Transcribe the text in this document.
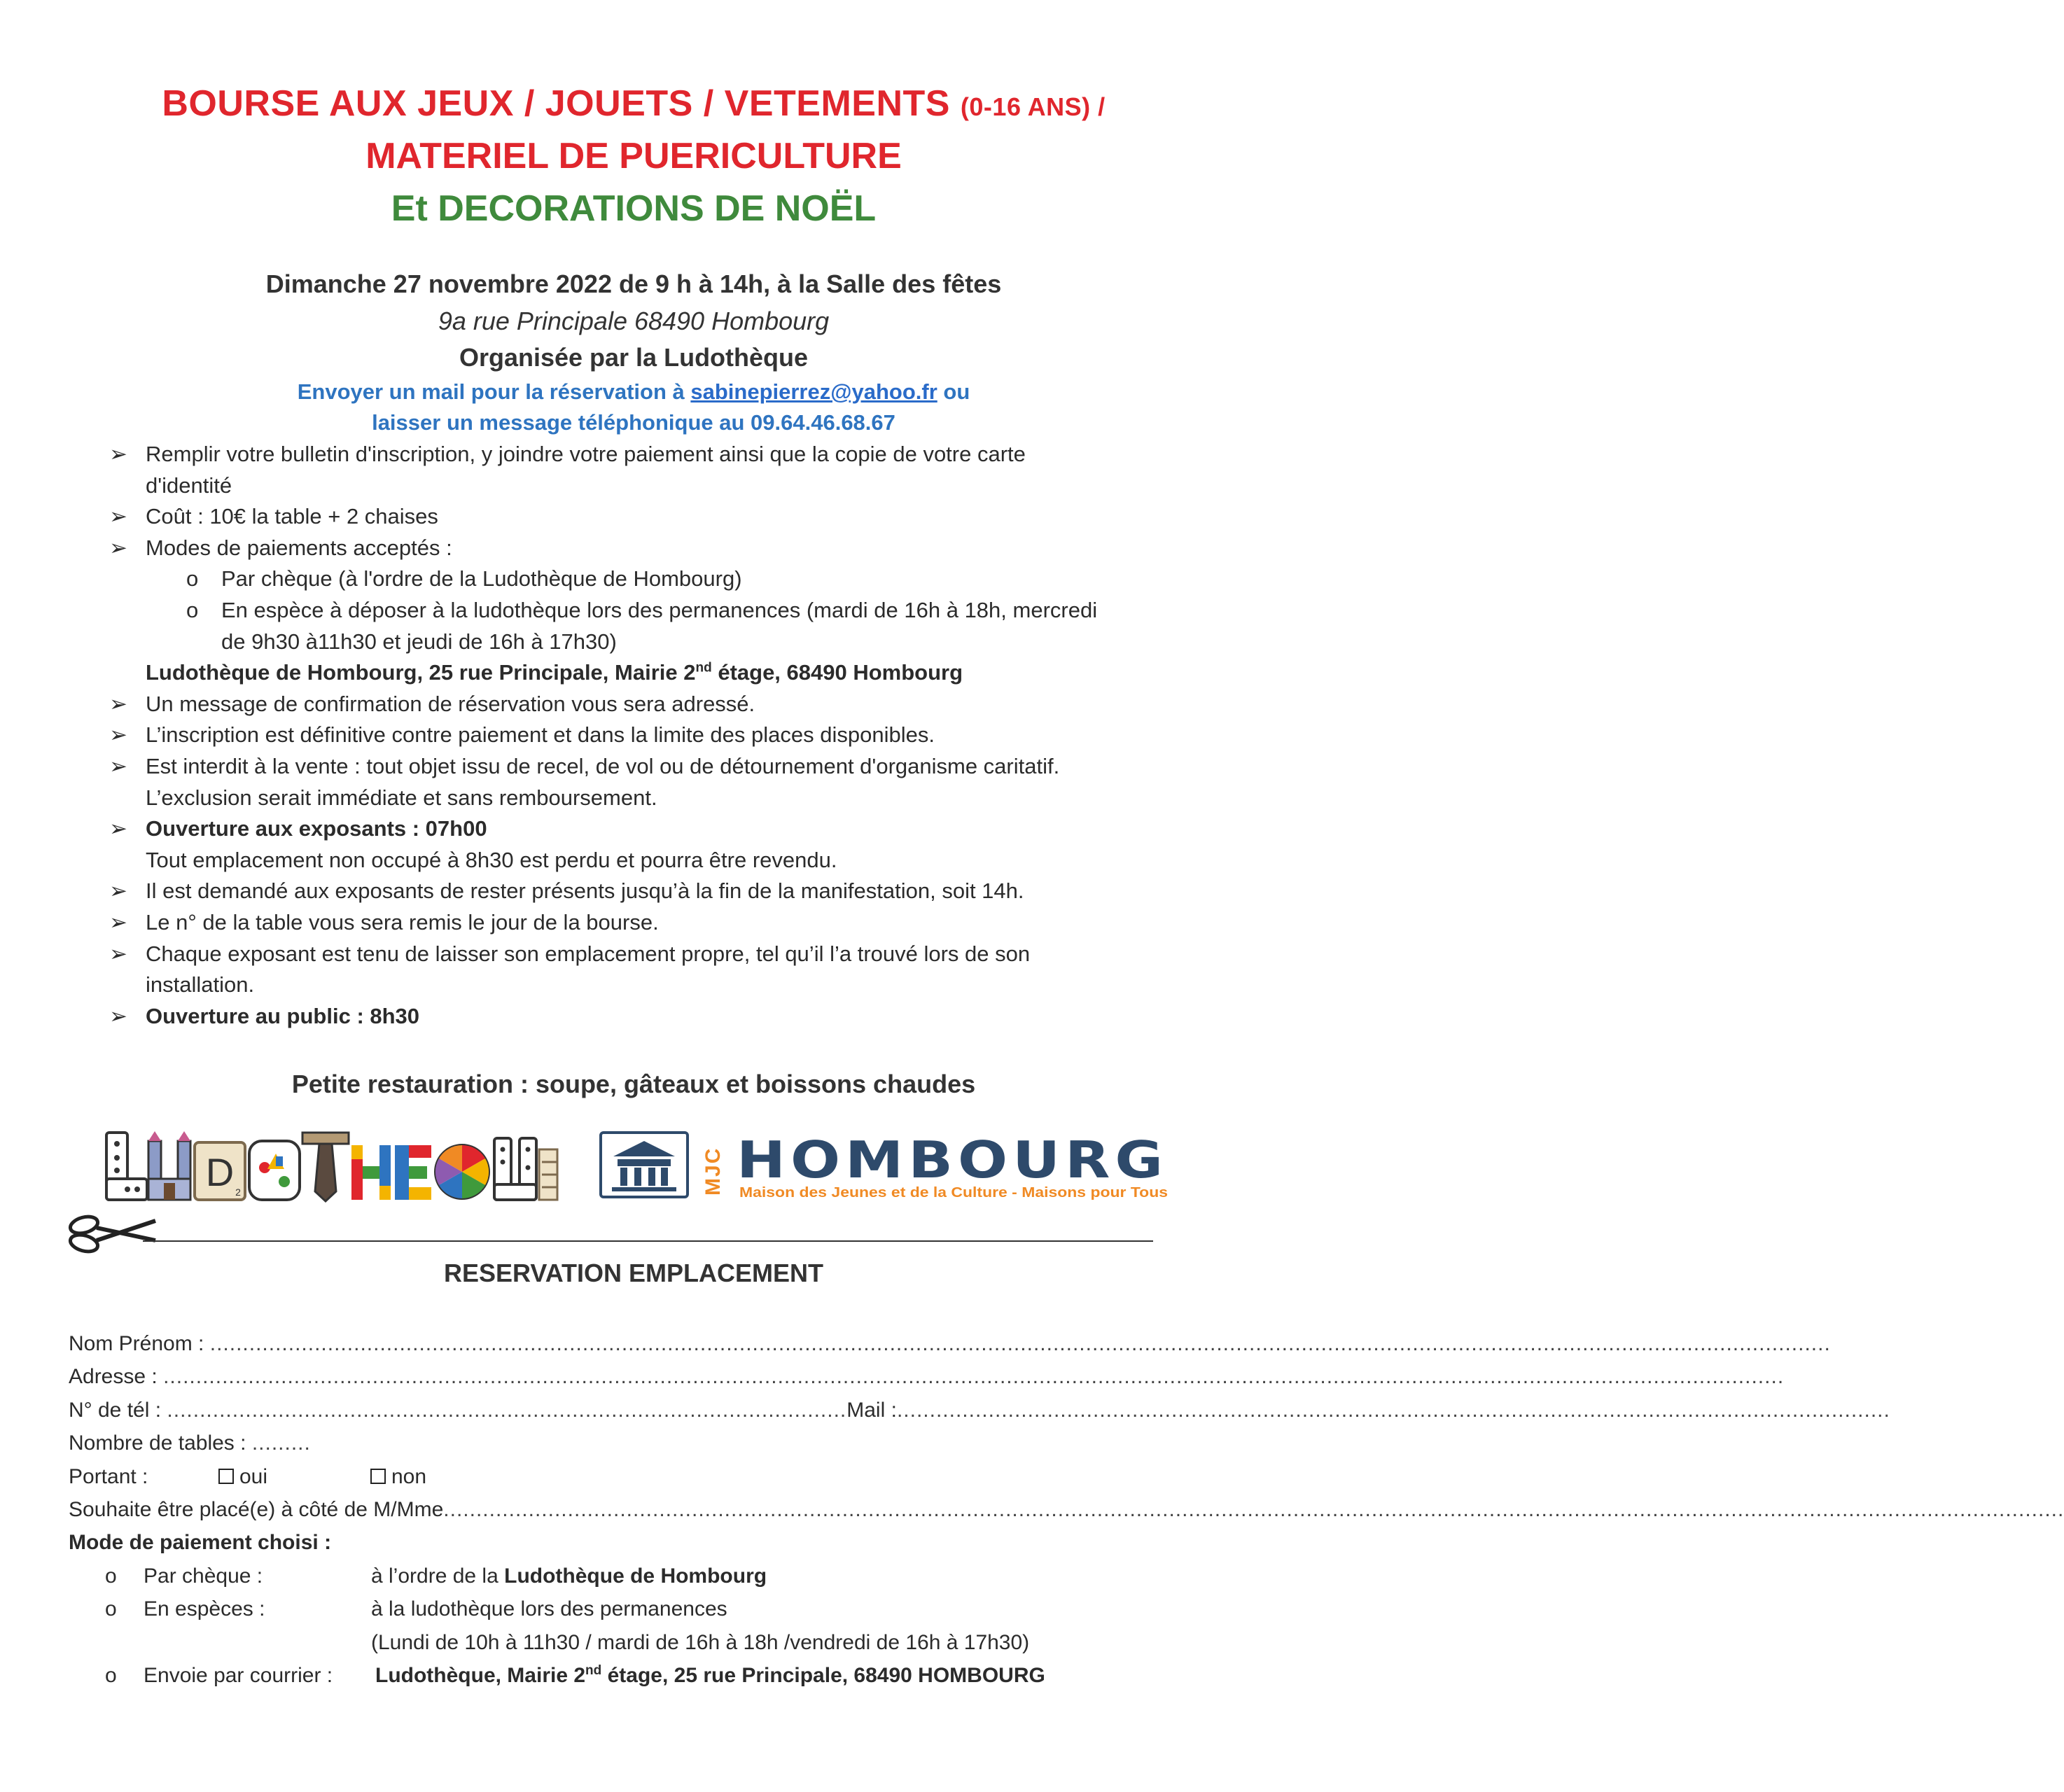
BOURSE AUX JEUX / JOUETS / VETEMENTS (0-16 ANS) /
MATERIEL DE PUERICULTURE
Et DECORATIONS DE NOËL
Dimanche 27 novembre 2022 de 9 h à 14h, à la Salle des fêtes
9a rue Principale 68490 Hombourg
Organisée par la Ludothèque
Envoyer un mail pour la réservation à sabinepierrez@yahoo.fr ou
laisser un message téléphonique au 09.64.46.68.67
➢ Remplir votre bulletin d'inscription, y joindre votre paiement ainsi que la copie de votre carte
d'identité
➢ Coût : 10€ la table + 2 chaises
➢ Modes de paiements acceptés :
o Par chèque (à l'ordre de la Ludothèque de Hombourg)
o En espèce à déposer à la ludothèque lors des permanences (mardi de 16h à 18h, mercredi
de 9h30 à11h30 et jeudi de 16h à 17h30)
Ludothèque de Hombourg, 25 rue Principale, Mairie 2nd étage, 68490 Hombourg
➢ Un message de confirmation de réservation vous sera adressé.
➢ L’inscription est définitive contre paiement et dans la limite des places disponibles.
➢ Est interdit à la vente : tout objet issu de recel, de vol ou de détournement d'organisme caritatif.
L’exclusion serait immédiate et sans remboursement.
➢ Ouverture aux exposants : 07h00
Tout emplacement non occupé à 8h30 est perdu et pourra être revendu.
➢ Il est demandé aux exposants de rester présents jusqu’à la fin de la manifestation, soit 14h.
➢ Le n° de la table vous sera remis le jour de la bourse.
➢ Chaque exposant est tenu de laisser son emplacement propre, tel qu’il l’a trouvé lors de son
installation.
➢ Ouverture au public : 8h30
Petite restauration : soupe, gâteaux et boissons chaudes
D 2	MJC HOMBOURG
Maison des Jeunes et de la Culture - Maisons pour Tous
RESERVATION EMPLACEMENT
Nom Prénom :
........................................................................................................................................................................................................................................................
Adresse :
........................................................................................................................................................................................................................................................
N° de tél :
........................................................................................................ Mail : ........................................................................................................................................................
Nombre de tables :
.........
Portant :	oui	non
Souhaite être placé(e) à côté de M/Mme ........................................................................................................................................................................................................................................................
Mode de paiement choisi :
o Par chèque :	à l’ordre de la Ludothèque de Hombourg
o En espèces :	à la ludothèque lors des permanences
(Lundi de 10h à 11h30 / mardi de 16h à 18h /vendredi de 16h à 17h30)
o Envoie par courrier : Ludothèque, Mairie 2nd étage, 25 rue Principale, 68490 HOMBOURG
